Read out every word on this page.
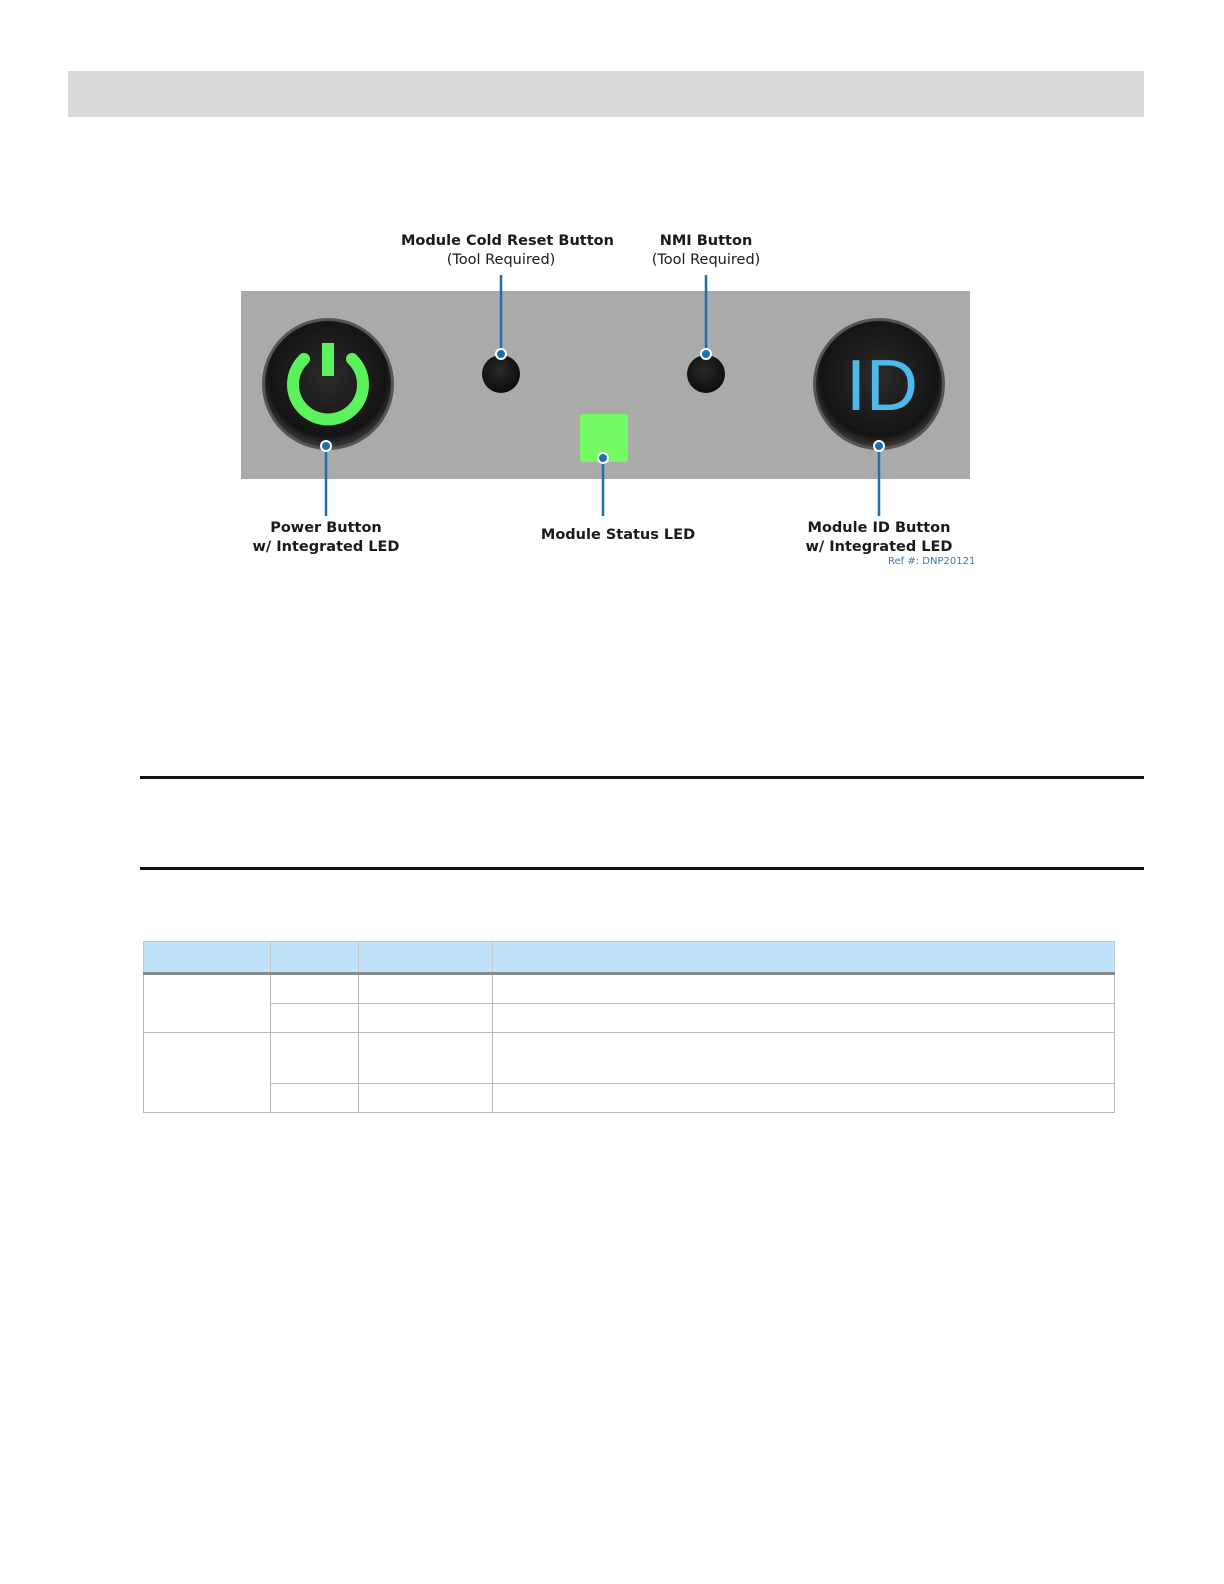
ID
Module Cold Reset Button
(Tool Required)
NMI Button
(Tool Required)
Power Button
w/ Integrated LED
Module Status LED	Module ID Button
w/ Integrated LED
Ref #: DNP20121
